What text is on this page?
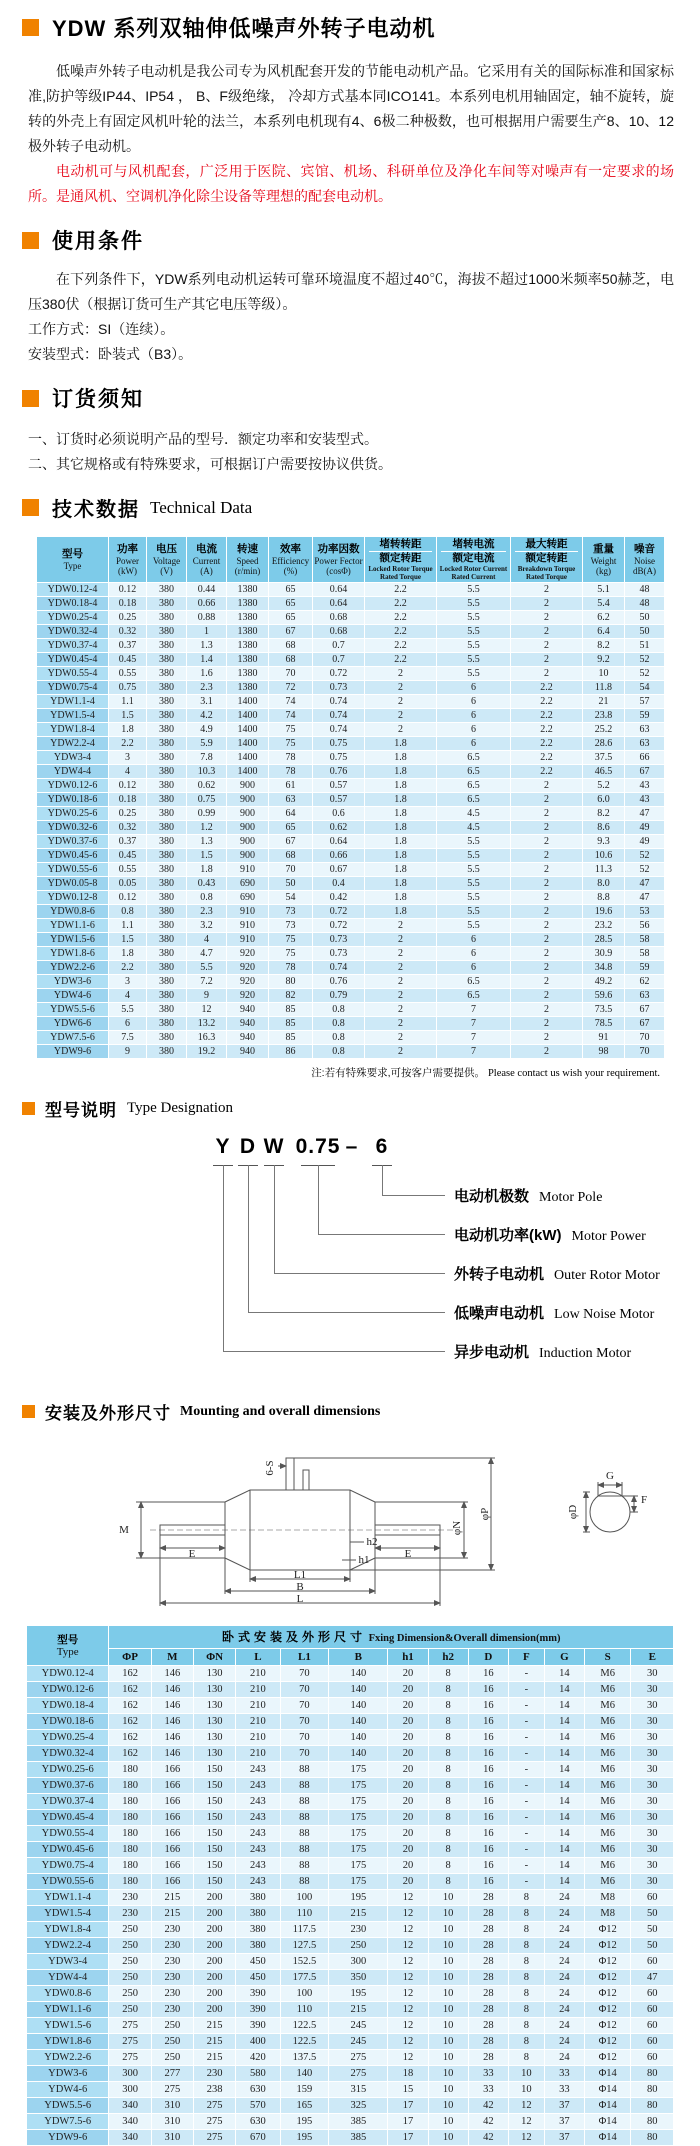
YDW 系列双轴伸低噪声外转子电动机

低噪声外转子电动机是我公司专为风机配套开发的节能电动机产品。它采用有关的国际标准和国家标准,防护等级IP44、IP54 ， B、F级绝缘， 冷却方式基本同ICO141。本系列电机用轴固定，轴不旋转，旋转的外壳上有固定风机叶轮的法兰，本系列电机现有4、6极二种极数，也可根据用户需要生产8、10、12极外转子电动机。

电动机可与风机配套，广泛用于医院、宾馆、机场、科研单位及净化车间等对噪声有一定要求的场所。是通风机、空调机净化除尘设备等理想的配套电动机。

使用条件

在下列条件下，YDW系列电动机运转可靠环境温度不超过40℃，海拔不超过1000米频率50赫芝，电压380伏（根据订货可生产其它电压等级）。

工作方式：SI（连续）。

安装型式：卧装式（B3）。

订货须知

一、订货时必须说明产品的型号．额定功率和安装型式。

二、其它规格或有特殊要求，可根据订户需要按协议供货。

技术数据 Technical Data
型号
Type

功率
Power
(kW)

电压
Voltage
(V)

电流
Current
(A)

转速
Speed
(r/min)

效率
Efficiency
(%)

功率因数
Power Fector
(cosΦ)

堵转转距
额定转距
Locked Rotor Torque Rated Torque

堵转电流
额定电流
Locked Rotor Current Rated Current

最大转距
额定转距
Breakdown Torque Rated Torque

重量
Weight
(kg)

噪音
Noise
dB(A)

YDW0.12-4	0.12	380	0.44	1380	65	0.64	2.2	5.5	2	5.1	48
YDW0.18-4	0.18	380	0.66	1380	65	0.64	2.2	5.5	2	5.4	48
YDW0.25-4	0.25	380	0.88	1380	65	0.68	2.2	5.5	2	6.2	50
YDW0.32-4	0.32	380	1	1380	67	0.68	2.2	5.5	2	6.4	50
YDW0.37-4	0.37	380	1.3	1380	68	0.7	2.2	5.5	2	8.2	51
YDW0.45-4	0.45	380	1.4	1380	68	0.7	2.2	5.5	2	9.2	52
YDW0.55-4	0.55	380	1.6	1380	70	0.72	2	5.5	2	10	52
YDW0.75-4	0.75	380	2.3	1380	72	0.73	2	6	2.2	11.8	54
YDW1.1-4	1.1	380	3.1	1400	74	0.74	2	6	2.2	21	57
YDW1.5-4	1.5	380	4.2	1400	74	0.74	2	6	2.2	23.8	59
YDW1.8-4	1.8	380	4.9	1400	75	0.74	2	6	2.2	25.2	63
YDW2.2-4	2.2	380	5.9	1400	75	0.75	1.8	6	2.2	28.6	63
YDW3-4	3	380	7.8	1400	78	0.75	1.8	6.5	2.2	37.5	66
YDW4-4	4	380	10.3	1400	78	0.76	1.8	6.5	2.2	46.5	67
YDW0.12-6	0.12	380	0.62	900	61	0.57	1.8	6.5	2	5.2	43
YDW0.18-6	0.18	380	0.75	900	63	0.57	1.8	6.5	2	6.0	43
YDW0.25-6	0.25	380	0.99	900	64	0.6	1.8	4.5	2	8.2	47
YDW0.32-6	0.32	380	1.2	900	65	0.62	1.8	4.5	2	8.6	49
YDW0.37-6	0.37	380	1.3	900	67	0.64	1.8	5.5	2	9.3	49
YDW0.45-6	0.45	380	1.5	900	68	0.66	1.8	5.5	2	10.6	52
YDW0.55-6	0.55	380	1.8	910	70	0.67	1.8	5.5	2	11.3	52
YDW0.05-8	0.05	380	0.43	690	50	0.4	1.8	5.5	2	8.0	47
YDW0.12-8	0.12	380	0.8	690	54	0.42	1.8	5.5	2	8.8	47
YDW0.8-6	0.8	380	2.3	910	73	0.72	1.8	5.5	2	19.6	53
YDW1.1-6	1.1	380	3.2	910	73	0.72	2	5.5	2	23.2	56
YDW1.5-6	1.5	380	4	910	75	0.73	2	6	2	28.5	58
YDW1.8-6	1.8	380	4.7	920	75	0.73	2	6	2	30.9	58
YDW2.2-6	2.2	380	5.5	920	78	0.74	2	6	2	34.8	59
YDW3-6	3	380	7.2	920	80	0.76	2	6.5	2	49.2	62
YDW4-6	4	380	9	920	82	0.79	2	6.5	2	59.6	63
YDW5.5-6	5.5	380	12	940	85	0.8	2	7	2	73.5	67
YDW6-6	6	380	13.2	940	85	0.8	2	7	2	78.5	67
YDW7.5-6	7.5	380	16.3	940	85	0.8	2	7	2	91	70
YDW9-6	9	380	19.2	940	86	0.8	2	7	2	98	70

注:若有特殊要求,可按客户需要提供。 Please contact us wish your requirement.

型号说明 Type Designation
Y D W 0.75 – 6
电动机极数 Motor Pole
电动机功率(kW) Motor Power
外转子电动机 Outer Rotor Motor
低噪声电动机 Low Noise Motor
异步电动机 Induction Motor
安装及外形尺寸 Mounting and overall dimensions
6-S
M
E	E
h2
h1
L1
B
L
φN
φP
G
F
φD
型号
Type	卧式安装及外形尺寸 Fxing Dimension&Overall dimension(mm)												
	ΦP	M	ΦN	L	L1	B	h1	h2	D	F	G	S	E
YDW0.12-4	162	146	130	210	70	140	20	8	16	-	14	M6	30
YDW0.12-6	162	146	130	210	70	140	20	8	16	-	14	M6	30
YDW0.18-4	162	146	130	210	70	140	20	8	16	-	14	M6	30
YDW0.18-6	162	146	130	210	70	140	20	8	16	-	14	M6	30
YDW0.25-4	162	146	130	210	70	140	20	8	16	-	14	M6	30
YDW0.32-4	162	146	130	210	70	140	20	8	16	-	14	M6	30
YDW0.25-6	180	166	150	243	88	175	20	8	16	-	14	M6	30
YDW0.37-6	180	166	150	243	88	175	20	8	16	-	14	M6	30
YDW0.37-4	180	166	150	243	88	175	20	8	16	-	14	M6	30
YDW0.45-4	180	166	150	243	88	175	20	8	16	-	14	M6	30
YDW0.55-4	180	166	150	243	88	175	20	8	16	-	14	M6	30
YDW0.45-6	180	166	150	243	88	175	20	8	16	-	14	M6	30
YDW0.75-4	180	166	150	243	88	175	20	8	16	-	14	M6	30
YDW0.55-6	180	166	150	243	88	175	20	8	16	-	14	M6	30
YDW1.1-4	230	215	200	380	100	195	12	10	28	8	24	M8	60
YDW1.5-4	230	215	200	380	110	215	12	10	28	8	24	M8	50
YDW1.8-4	250	230	200	380	117.5	230	12	10	28	8	24	Φ12	50
YDW2.2-4	250	230	200	380	127.5	250	12	10	28	8	24	Φ12	50
YDW3-4	250	230	200	450	152.5	300	12	10	28	8	24	Φ12	60
YDW4-4	250	230	200	450	177.5	350	12	10	28	8	24	Φ12	47
YDW0.8-6	250	230	200	390	100	195	12	10	28	8	24	Φ12	60
YDW1.1-6	250	230	200	390	110	215	12	10	28	8	24	Φ12	60
YDW1.5-6	275	250	215	390	122.5	245	12	10	28	8	24	Φ12	60
YDW1.8-6	275	250	215	400	122.5	245	12	10	28	8	24	Φ12	60
YDW2.2-6	275	250	215	420	137.5	275	12	10	28	8	24	Φ12	60
YDW3-6	300	277	230	580	140	275	18	10	33	10	33	Φ14	80
YDW4-6	300	275	238	630	159	315	15	10	33	10	33	Φ14	80
YDW5.5-6	340	310	275	570	165	325	17	10	42	12	37	Φ14	80
YDW7.5-6	340	310	275	630	195	385	17	10	42	12	37	Φ14	80
YDW9-6	340	310	275	670	195	385	17	10	42	12	37	Φ14	80
